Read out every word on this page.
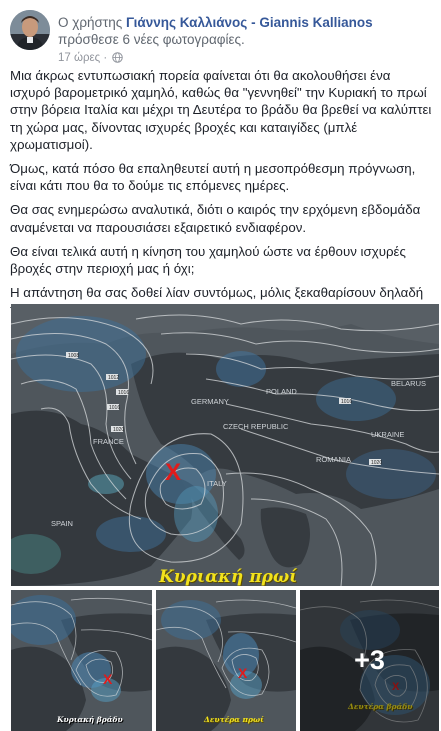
Ο χρήστης Γιάννης Καλλιάνος - Giannis Kallianos πρόσθεσε 6 νέες φωτογραφίες.
17 ώρες ·

Μια άκρως εντυπωσιακή πορεία φαίνεται ότι θα ακολουθήσει ένα ισχυρό βαρομετρικό χαμηλό, καθώς θα "γεννηθεί" την Κυριακή το πρωί στην βόρεια Ιταλία και μέχρι τη Δευτέρα το βράδυ θα βρεθεί να καλύπτει τη χώρα μας, δίνοντας ισχυρές βροχές και καταιγίδες (μπλέ χρωματισμοί).

Όμως, κατά πόσο θα επαληθευτεί αυτή η μεσοπρόθεσμη πρόγνωση, είναι κάτι που θα το δούμε τις επόμενες ημέρες.

Θα σας ενημερώσω αναλυτικά, διότι ο καιρός την ερχόμενη εβδομάδα αναμένεται να παρουσιάσει εξαιρετικό ενδιαφέρον.

Θα είναι τελικά αυτή η κίνηση του χαμηλού ώστε να έρθουν ισχυρές βροχές στην περιοχή μας ή όχι;

Η απάντηση θα σας δοθεί λίαν συντόμως, μόλις ξεκαθαρίσουν δηλαδή

1008
1012
1016
1020
1016
1016
1020
FRANCE
SPAIN
GERMANY
POLAND
CZECH REPUBLIC
UKRAINE
ROMANIA
ITALY
BELARUS
X
Κυριακή πρωί
X
Κυριακή βράδυ
X
Δευτέρα πρωί
X
Δευτέρα βράδυ
+3
